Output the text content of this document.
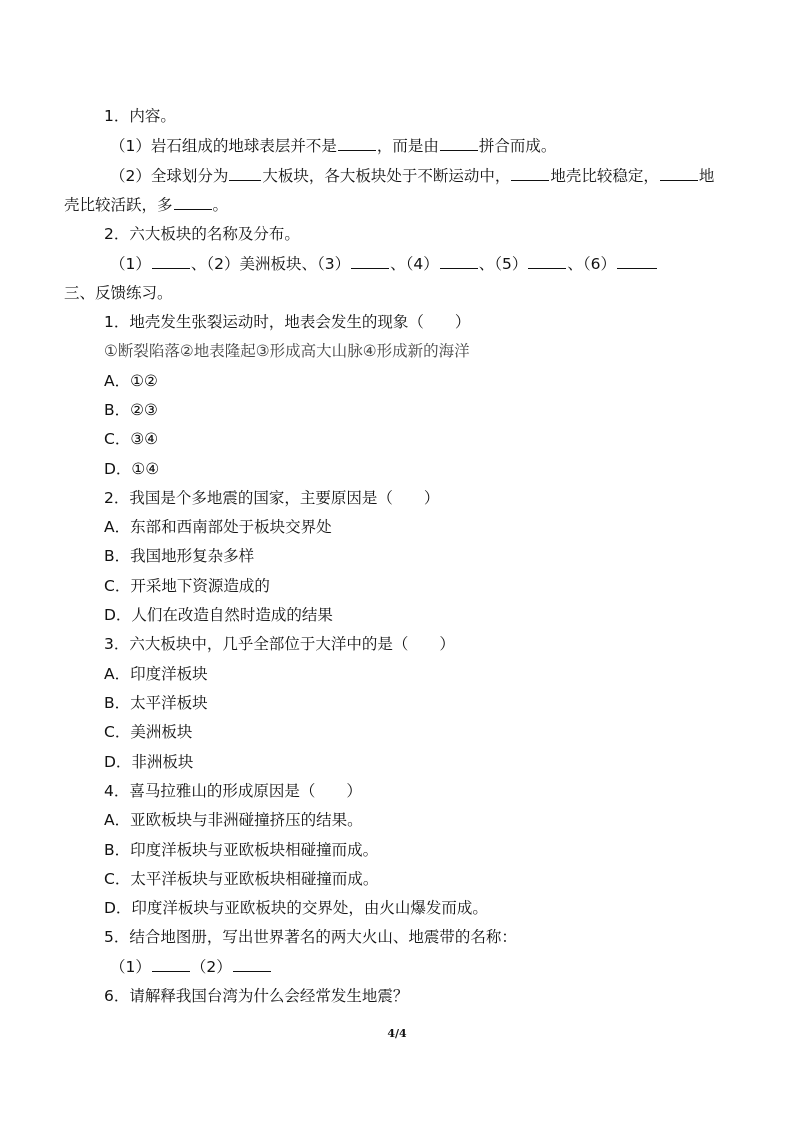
1．内容。
（1）岩石组成的地球表层并不是	，而是由	拼合而成。
（2）全球划分为 大板块，各大板块处于不断运动中，	地壳比较稳定，	地
壳比较活跃，多	。
2．六大板块的名称及分布。
（1）	、（2）美洲板块、（3）	、（4）	、（5）	、（6）
三、反馈练习。
1．地壳发生张裂运动时，地表会发生的现象（　　）
①断裂陷落②地表隆起③形成高大山脉④形成新的海洋
A．①②
B．②③
C．③④
D．①④
2．我国是个多地震的国家，主要原因是（　　）
A．东部和西南部处于板块交界处
B．我国地形复杂多样
C．开采地下资源造成的
D．人们在改造自然时造成的结果
3．六大板块中，几乎全部位于大洋中的是（　　）
A．印度洋板块
B．太平洋板块
C．美洲板块
D．非洲板块
4．喜马拉雅山的形成原因是（　　）
A．亚欧板块与非洲碰撞挤压的结果。
B．印度洋板块与亚欧板块相碰撞而成。
C．太平洋板块与亚欧板块相碰撞而成。
D．印度洋板块与亚欧板块的交界处，由火山爆发而成。
5．结合地图册，写出世界著名的两大火山、地震带的名称：
（1）	（2）
6．请解释我国台湾为什么会经常发生地震？
4/4
